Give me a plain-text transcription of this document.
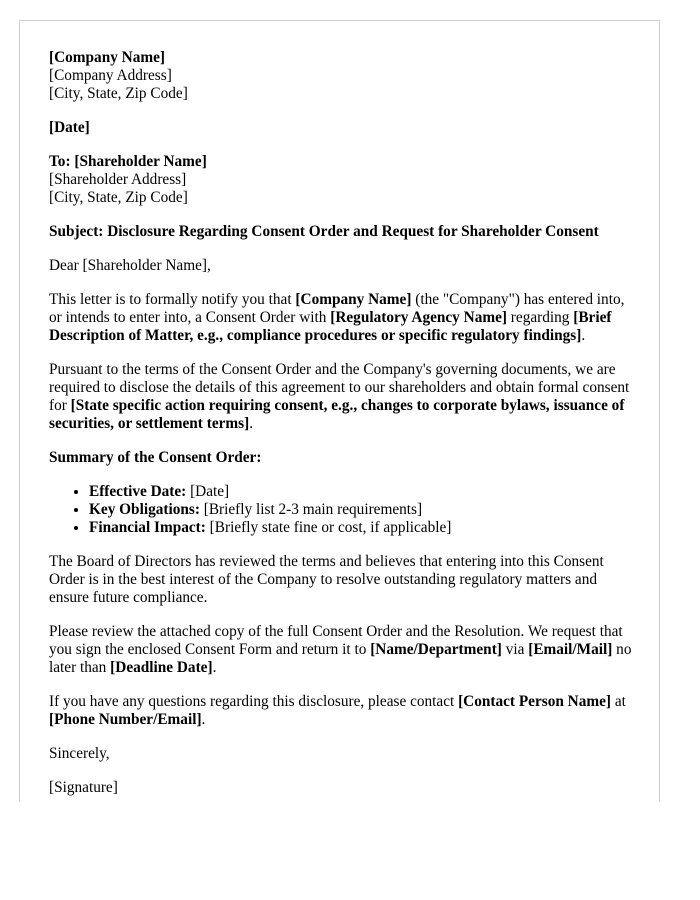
[Company Name]
[Company Address]
[City, State, Zip Code]
[Date]
To: [Shareholder Name]
[Shareholder Address]
[City, State, Zip Code]

Subject: Disclosure Regarding Consent Order and Request for Shareholder Consent

Dear [Shareholder Name],

This letter is to formally notify you that [Company Name] (the "Company") has entered into, or intends to enter into, a Consent Order with [Regulatory Agency Name] regarding [Brief Description of Matter, e.g., compliance procedures or specific regulatory findings].

Pursuant to the terms of the Consent Order and the Company's governing documents, we are required to disclose the details of this agreement to our shareholders and obtain formal consent for [State specific action requiring consent, e.g., changes to corporate bylaws, issuance of securities, or settlement terms].

Summary of the Consent Order:

• Effective Date: [Date]
• Key Obligations: [Briefly list 2-3 main requirements]
• Financial Impact: [Briefly state fine or cost, if applicable]

The Board of Directors has reviewed the terms and believes that entering into this Consent Order is in the best interest of the Company to resolve outstanding regulatory matters and ensure future compliance.

Please review the attached copy of the full Consent Order and the Resolution. We request that you sign the enclosed Consent Form and return it to [Name/Department] via [Email/Mail] no later than [Deadline Date].

If you have any questions regarding this disclosure, please contact [Contact Person Name] at [Phone Number/Email].

Sincerely,

[Signature]
